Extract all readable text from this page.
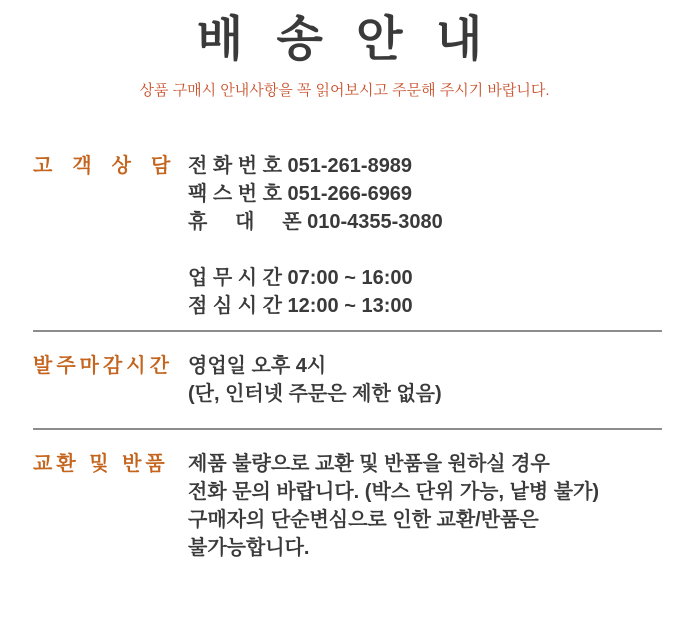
배 송 안 내
상품 구매시 안내사항을 꼭 읽어보시고 주문해 주시기 바랍니다.
고객상담
전 화 번 호 051-261-8989
팩 스 번 호 051-266-6969
휴     대     폰 010-4355-3080
업 무 시 간 07:00 ~ 16:00
점 심 시 간 12:00 ~ 13:00
발주마감시간 영업일 오후 4시
(단, 인터넷 주문은 제한 없음)
교환 및 반품 제품 불량으로 교환 및 반품을 원하실 경우
전화 문의 바랍니다. (박스 단위 가능, 낱병 불가)
구매자의 단순변심으로 인한 교환/반품은
불가능합니다.
